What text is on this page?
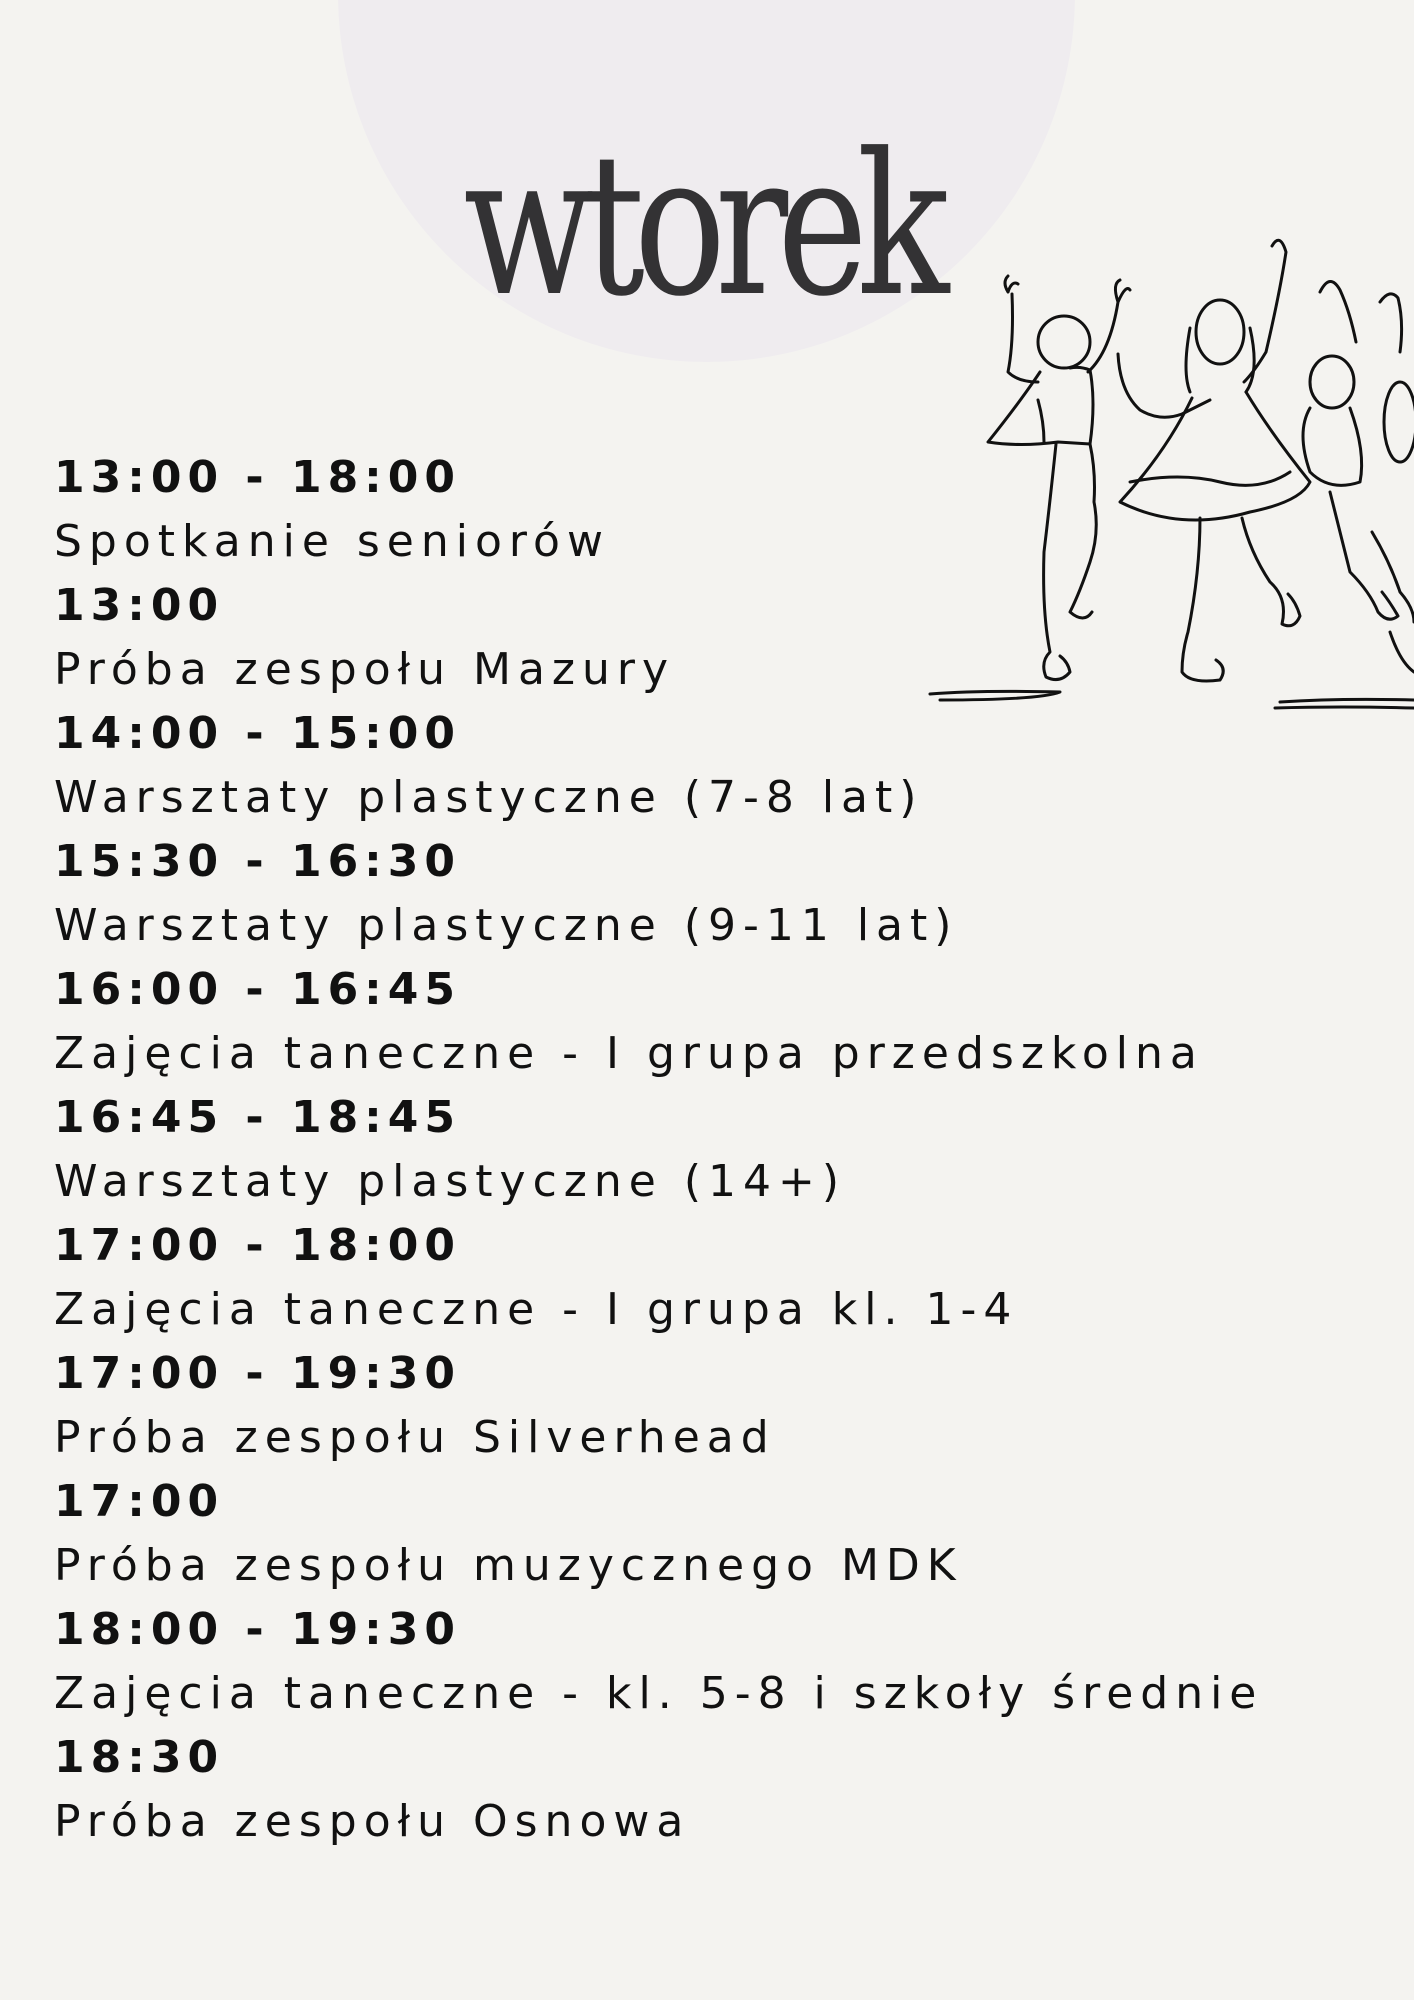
wtorek
13:00 - 18:00
Spotkanie seniorów
13:00
Próba zespołu Mazury
14:00 - 15:00
Warsztaty plastyczne (7-8 lat)
15:30 - 16:30
Warsztaty plastyczne (9-11 lat)
16:00 - 16:45
Zajęcia taneczne - I grupa przedszkolna
16:45 - 18:45
Warsztaty plastyczne (14+)
17:00 - 18:00
Zajęcia taneczne - I grupa kl. 1-4
17:00 - 19:30
Próba zespołu Silverhead
17:00
Próba zespołu muzycznego MDK
18:00 - 19:30
Zajęcia taneczne - kl. 5-8 i szkoły średnie
18:30
Próba zespołu Osnowa
